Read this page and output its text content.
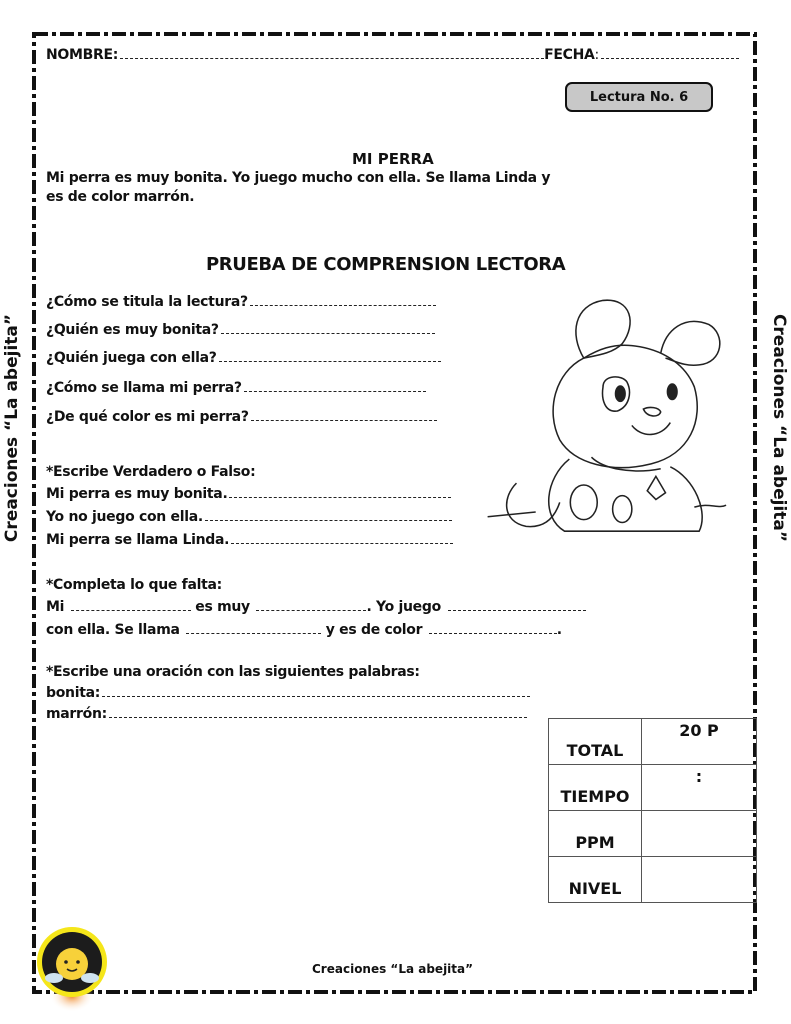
NOMBRE:	FECHA:
Lectura No. 6
MI PERRA
Mi perra es muy bonita. Yo juego mucho con ella. Se llama Linda y
es de color marrón.
PRUEBA DE COMPRENSION LECTORA
¿Cómo se titula la lectura?
¿Quién es muy bonita?
¿Quién juega con ella?
¿Cómo se llama mi perra?
¿De qué color es mi perra?
*Escribe Verdadero o Falso:
Mi perra es muy bonita.
Yo no juego con ella.
Mi perra se llama Linda.
*Completa lo que falta:
Mi	es muy	. Yo juego
con ella. Se llama	y es de color	.
*Escribe una oración con las siguientes palabras:
bonita:
marrón:
TOTAL	20 P
TIEMPO	:
PPM	
NIVEL	
Creaciones “La abejita”	Creaciones “La abejita”
Creaciones “La abejita”
